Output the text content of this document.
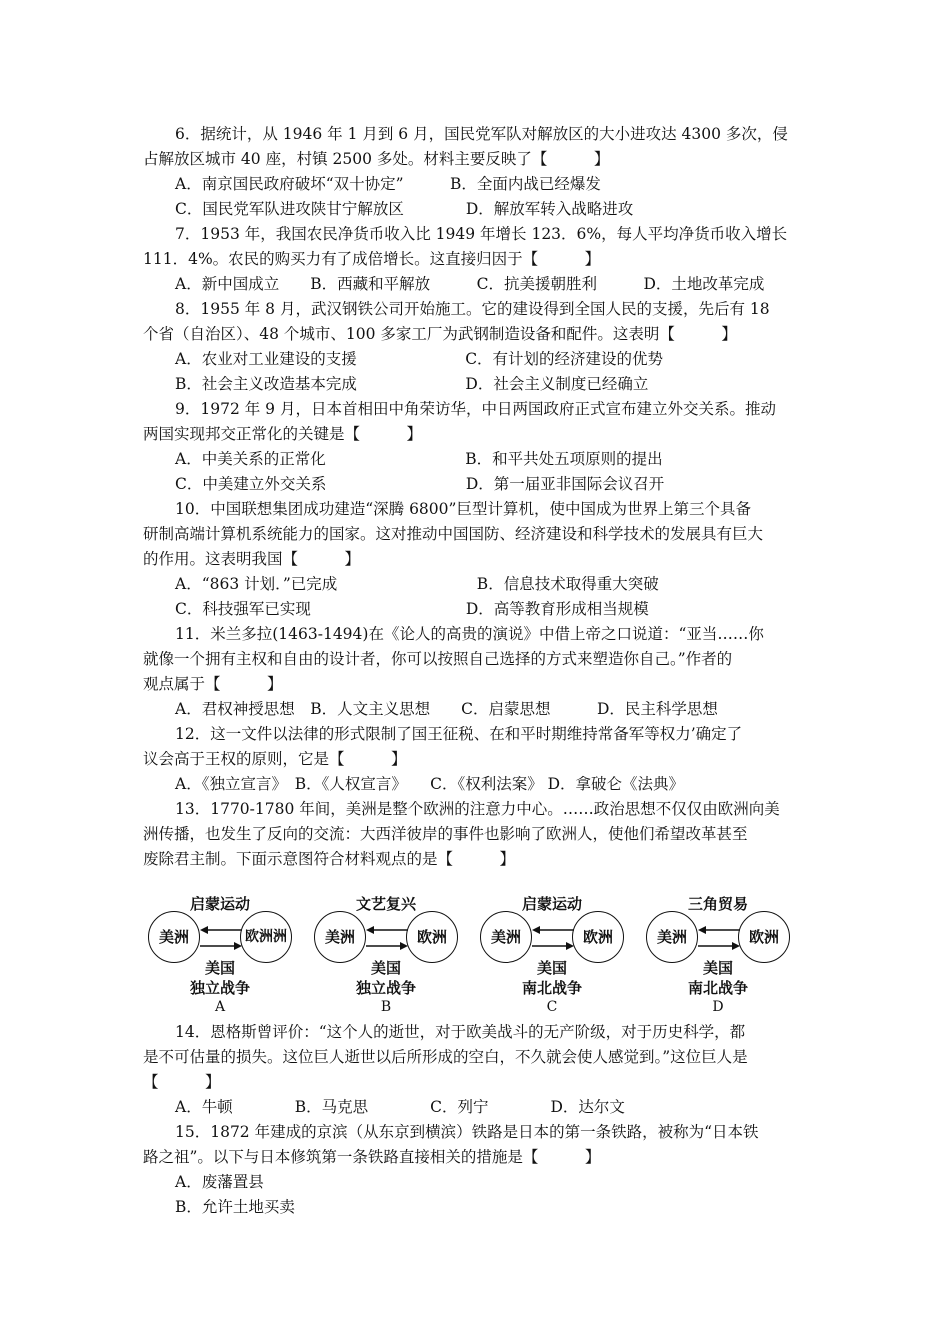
6．据统计，从 1946 年 1 月到 6 月，国民党军队对解放区的大小进攻达 4300 多次，侵
占解放区城市 40 座，村镇 2500 多处。材料主要反映了【　　　】
A．南京国民政府破坏“双十协定”　　　B．全面内战已经爆发
C．国民党军队进攻陕甘宁解放区　　　　D．解放军转入战略进攻
7．1953 年，我国农民净货币收入比 1949 年增长 123．6%，每人平均净货币收入增长
111．4%。农民的购买力有了成倍增长。这直接归因于【　　　】
A．新中国成立　　B．西藏和平解放　　　C．抗美援朝胜利　　　D．土地改革完成
8．1955 年 8 月，武汉钢铁公司开始施工。它的建设得到全国人民的支援，先后有 18
个省（自治区）、48 个城市、100 多家工厂为武钢制造设备和配件。这表明【　　　】
A．农业对工业建设的支援　　　　　　　C．有计划的经济建设的优势
B．社会主义改造基本完成　　　　　　　D．社会主义制度已经确立
9．1972 年 9 月，日本首相田中角荣访华，中日两国政府正式宣布建立外交关系。推动
两国实现邦交正常化的关键是【　　　】
A．中美关系的正常化　　　　　　　　　B．和平共处五项原则的提出
C．中美建立外交关系　　　　　　　　　D．第一届亚非国际会议召开
10．中国联想集团成功建造“深腾 6800”巨型计算机，使中国成为世界上第三个具备
研制高端计算机系统能力的国家。这对推动中国国防、经济建设和科学技术的发展具有巨大
的作用。这表明我国【　　　】
A．“863 计划．”已完成　　　　　　　　　B．信息技术取得重大突破
C．科技强军已实现　　　　　　　　　　D．高等教育形成相当规模
11．米兰多拉(1463-1494)在《论人的高贵的演说》中借上帝之口说道：“亚当……你
就像一个拥有主权和自由的设计者，你可以按照自己选择的方式来塑造你自己。”作者的
观点属于【　　　】
A．君权神授思想　B．人文主义思想　　C．启蒙思想　　　D．民主科学思想
12．这一文件以法律的形式限制了国王征税、在和平时期维持常备军等权力’确定了
议会高于王权的原则，它是【　　　】
A．《独立宣言》　B．《人权宣言》　　C．《权利法案》 D．拿破仑《法典》
13．1770-1780 年间，美洲是整个欧洲的注意力中心。……政治思想不仅仅由欧洲向美
洲传播，也发生了反向的交流：大西洋彼岸的事件也影响了欧洲人，使他们希望改革甚至
废除君主制。下面示意图符合材料观点的是【　　　】
启蒙运动
美洲	欧洲洲
美国
独立战争
A
文艺复兴
美洲	欧洲
美国
独立战争
B
启蒙运动
美洲	欧洲
美国
南北战争
C
三角贸易
美洲	欧洲
美国
南北战争
D
14．恩格斯曾评价：“这个人的逝世，对于欧美战斗的无产阶级，对于历史科学，都
是不可估量的损失。这位巨人逝世以后所形成的空白，不久就会使人感觉到。”这位巨人是
【　　　】
A．牛顿　　　　B．马克思　　　　C．列宁　　　　D．达尔文
15．1872 年建成的京滨（从东京到横滨）铁路是日本的第一条铁路，被称为“日本铁
路之祖”。以下与日本修筑第一条铁路直接相关的措施是【　　　】
A．废藩置县
B．允许土地买卖
